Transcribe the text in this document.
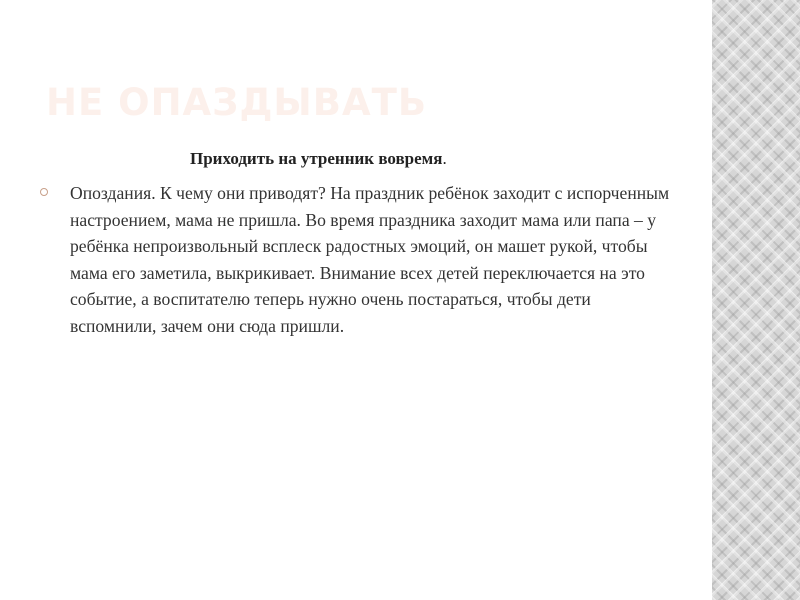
НЕ ОПАЗДЫВАТЬ
Приходить на утренник вовремя.
Опоздания. К чему они приводят? На праздник ребёнок заходит с испорченным настроением, мама не пришла. Во время праздника заходит мама или папа – у ребёнка непроизвольный всплеск радостных эмоций, он машет рукой, чтобы мама его заметила, выкрикивает. Внимание всех детей переключается на это событие, а воспитателю теперь нужно очень постараться, чтобы дети вспомнили, зачем они сюда пришли.
